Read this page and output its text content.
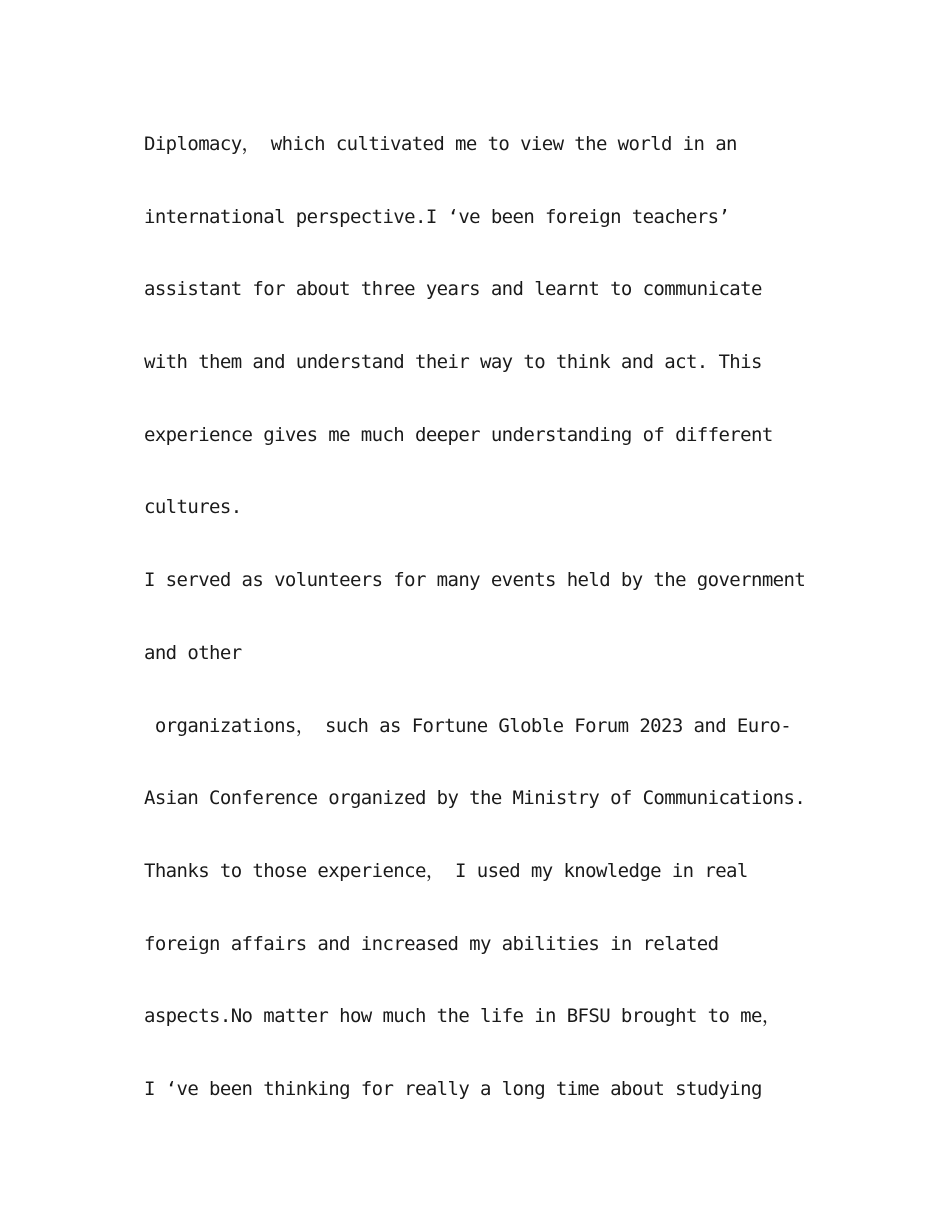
Diplomacy， which cultivated me to view the world in an
international perspective.I ‘ve been foreign teachers’
assistant for about three years and learnt to communicate
with them and understand their way to think and act. This
experience gives me much deeper understanding of different
cultures.
I served as volunteers for many events held by the government
and other
organizations， such as Fortune Globle Forum 2023 and Euro-
Asian Conference organized by the Ministry of Communications.
Thanks to those experience， I used my knowledge in real
foreign affairs and increased my abilities in related
aspects.No matter how much the life in BFSU brought to me，
I ‘ve been thinking for really a long time about studying
